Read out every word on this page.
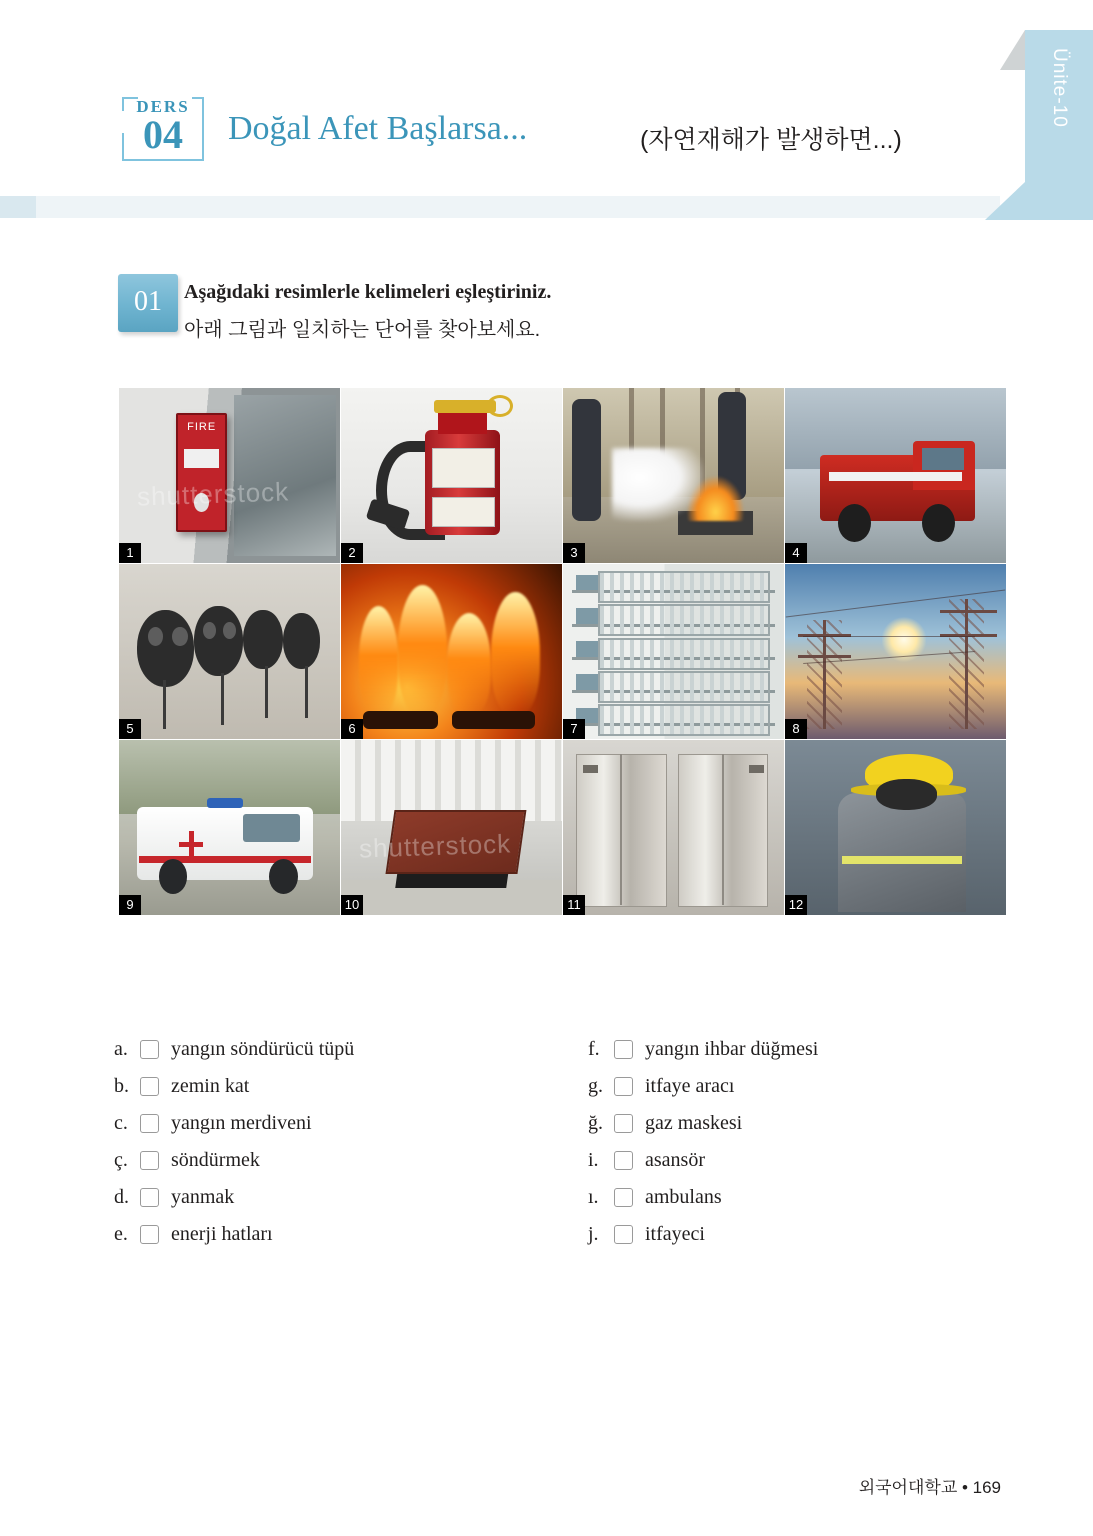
Ünite-10
DERS
04	Doğal Afet Başlarsa...	(자연재해가 발생하면...)
01	Aşağıdaki resimlerle kelimeleri eşleştiriniz.
아래 그림과 일치하는 단어를 찾아보세요.
FIRE
shutterstock
1	2	3	4
5	6	7	8
9
shutterstock
10	11	12
a.	yangın söndürücü tüpü
b.	zemin kat
c.	yangın merdiveni
ç.	söndürmek
d.	yanmak
e.	enerji hatları
f.	yangın ihbar düğmesi
g.	itfaye aracı
ğ.	gaz maskesi
i.	asansör
ı.	ambulans
j.	itfayeci
외국어대학교 • 169
